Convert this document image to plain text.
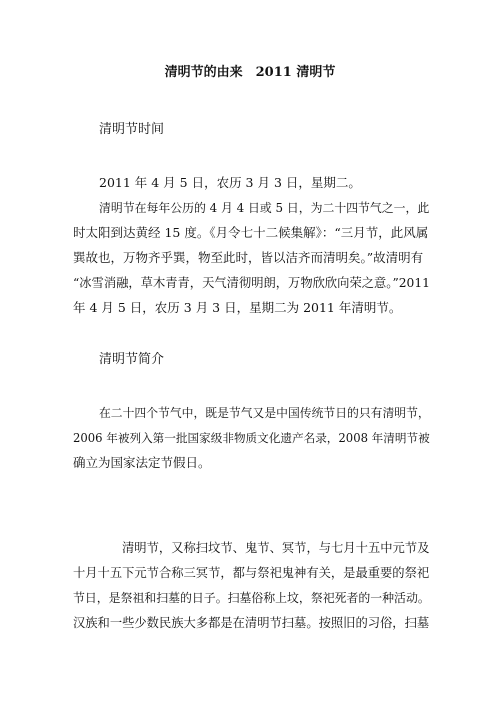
清明节的由来　2011 清明节
清明节时间
2011 年 4 月 5 日，农历 3 月 3 日，星期二。
清明节在每年公历的 4 月 4 日或 5 日，为二十四节气之一，此
时太阳到达黄经 15 度。《月令七十二候集解》：“三月节，此风属
巽故也，万物齐乎巽，物至此时，皆以洁齐而清明矣。”故清明有
“冰雪消融，草木青青，天气清彻明朗，万物欣欣向荣之意。”2011
年 4 月 5 日，农历 3 月 3 日，星期二为 2011 年清明节。
清明节简介
在二十四个节气中，既是节气又是中国传统节日的只有清明节，
2006 年被列入第一批国家级非物质文化遗产名录，2008 年清明节被
确立为国家法定节假日。
清明节，又称扫坟节、鬼节、冥节，与七月十五中元节及
十月十五下元节合称三冥节，都与祭祀鬼神有关，是最重要的祭祀
节日，是祭祖和扫墓的日子。扫墓俗称上坟，祭祀死者的一种活动。
汉族和一些少数民族大多都是在清明节扫墓。按照旧的习俗，扫墓
